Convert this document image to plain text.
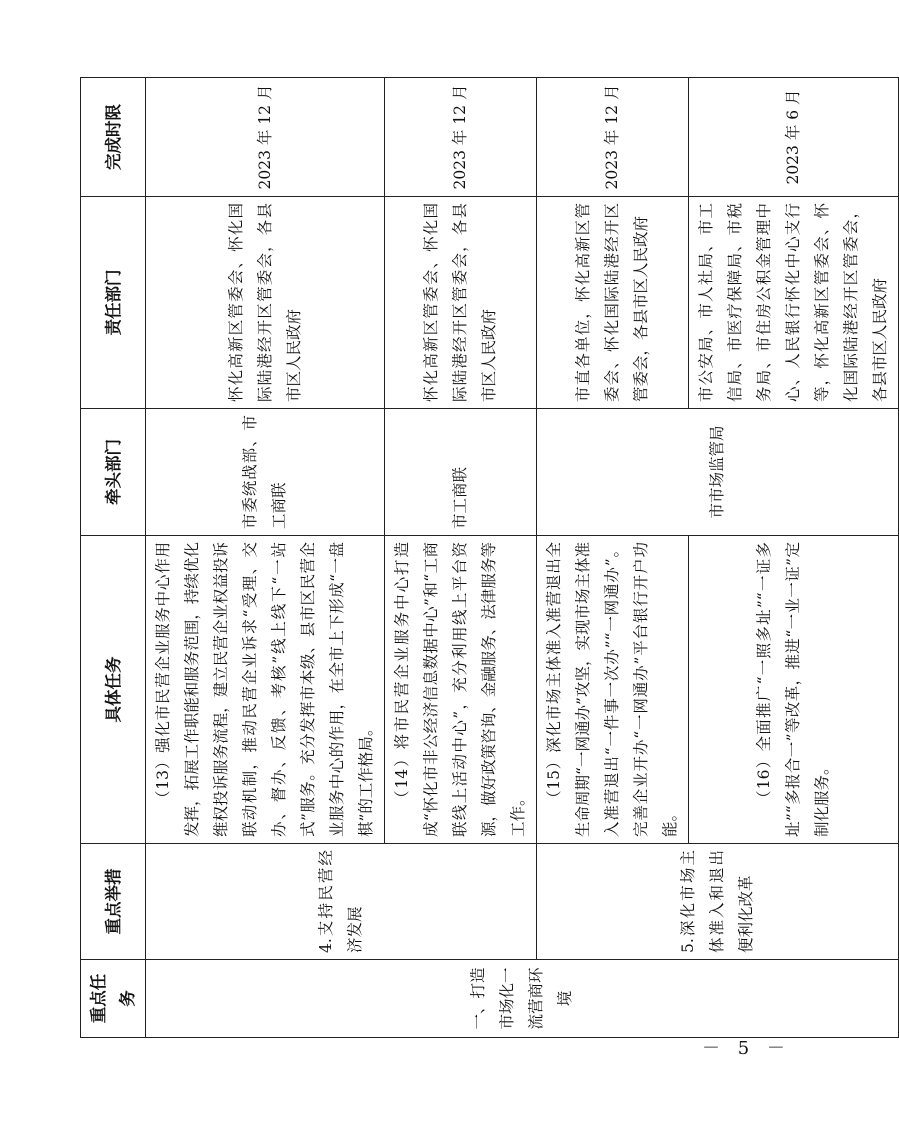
重点任务	重点举措	具体任务	牵头部门	责任部门	完成时限
一、打造市场化一流营商环境	4.支持民营经济发展	（13）强化市民营企业服务中心作用发挥，拓展工作职能和服务范围，持续优化维权投诉服务流程，建立民营企业权益投诉联动机制，推动民营企业诉求“受理、交办、督办、反馈、考核”线上线下“一站式”服务。充分发挥市本级、县市区民营企业服务中心的作用，在全市上下形成“一盘棋”的工作格局。	市委统战部、市工商联	怀化高新区管委会、怀化国际陆港经开区管委会，各县市区人民政府	2023 年 12 月
		（14）将市民营企业服务中心打造成“怀化市非公经济信息数据中心”和“工商联线上活动中心”，充分利用线上平台资源，做好政策咨询、金融服务、法律服务等工作。	市工商联	怀化高新区管委会、怀化国际陆港经开区管委会，各县市区人民政府	2023 年 12 月
	5.深化市场主体准入和退出便利化改革	（15）深化市场主体准入准营退出全生命周期“一网通办”攻坚，实现市场主体准入准营退出“一件事一次办”“一网通办”。完善企业开办“一网通办”平台银行开户功能。	市市场监管局	市直各单位，怀化高新区管委会、怀化国际陆港经开区管委会，各县市区人民政府	2023 年 12 月
		（16）全面推广“一照多址”“一证多址”“多报合一”等改革，推进“一业一证”定制化服务。		市公安局、市人社局、市工信局、市医疗保障局、市税务局、市住房公积金管理中心、人民银行怀化中心支行等，怀化高新区管委会、怀化国际陆港经开区管委会，各县市区人民政府	2023 年 6 月
－ 5 －
